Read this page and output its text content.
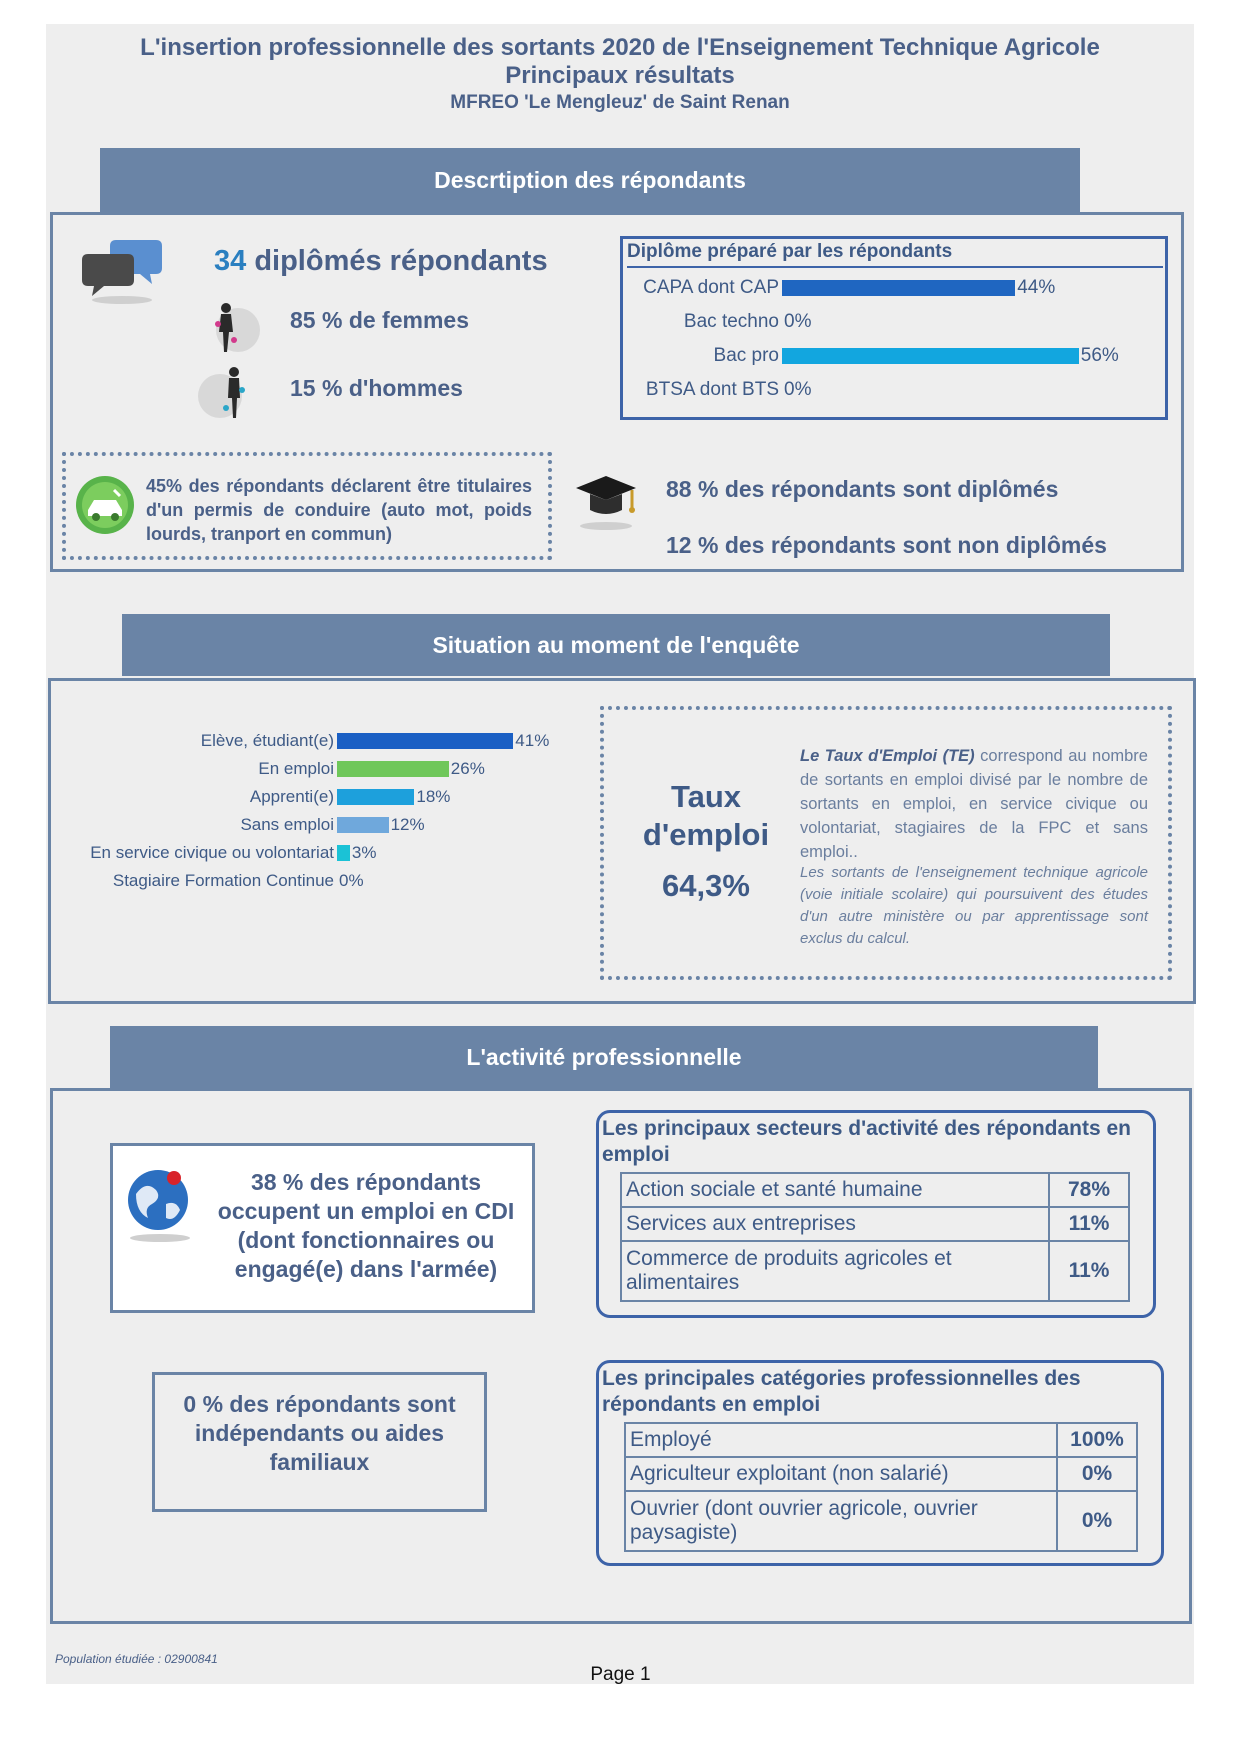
L'insertion professionnelle des sortants 2020 de l'Enseignement Technique Agricole
Principaux résultats
MFREO 'Le Mengleuz' de Saint Renan
Descrtiption des répondants
34 diplômés répondants
85 % de femmes
15 % d'hommes
Diplôme préparé par les répondants
CAPA dont CAP	44%
Bac techno 0%
Bac pro	56%
BTSA dont BTS 0%
45% des répondants déclarent être titulaires d'un permis de conduire (auto mot, poids lourds, tranport en commun)
88 % des répondants sont diplômés
12 % des répondants sont non diplômés
Situation au moment de l'enquête
Elève, étudiant(e)	41%
En emploi	26%
Apprenti(e)	18%
Sans emploi	12%
En service civique ou volontariat 3%
Stagiaire Formation Continue 0%
Taux
d'emploi
64,3%
Le Taux d'Emploi (TE) correspond au nombre de sortants en emploi divisé par le nombre de sortants en emploi, en service civique ou volontariat, stagiaires de la FPC et sans emploi..
Les sortants de l'enseignement technique agricole (voie initiale scolaire) qui poursuivent des études d'un autre ministère ou par apprentissage sont exclus du calcul.
L'activité professionnelle
38 % des répondants occupent un emploi en CDI (dont fonctionnaires ou engagé(e) dans l'armée)
0 % des répondants sont indépendants ou aides familiaux
Les principaux secteurs d'activité des répondants en emploi
Action sociale et santé humaine	78%
Services aux entreprises	11%
Commerce de produits agricoles et alimentaires	11%
Les principales catégories professionnelles des répondants en emploi
Employé	100%
Agriculteur exploitant (non salarié)	0%
Ouvrier (dont ouvrier agricole, ouvrier paysagiste)	0%
Population étudiée : 02900841
Page 1
